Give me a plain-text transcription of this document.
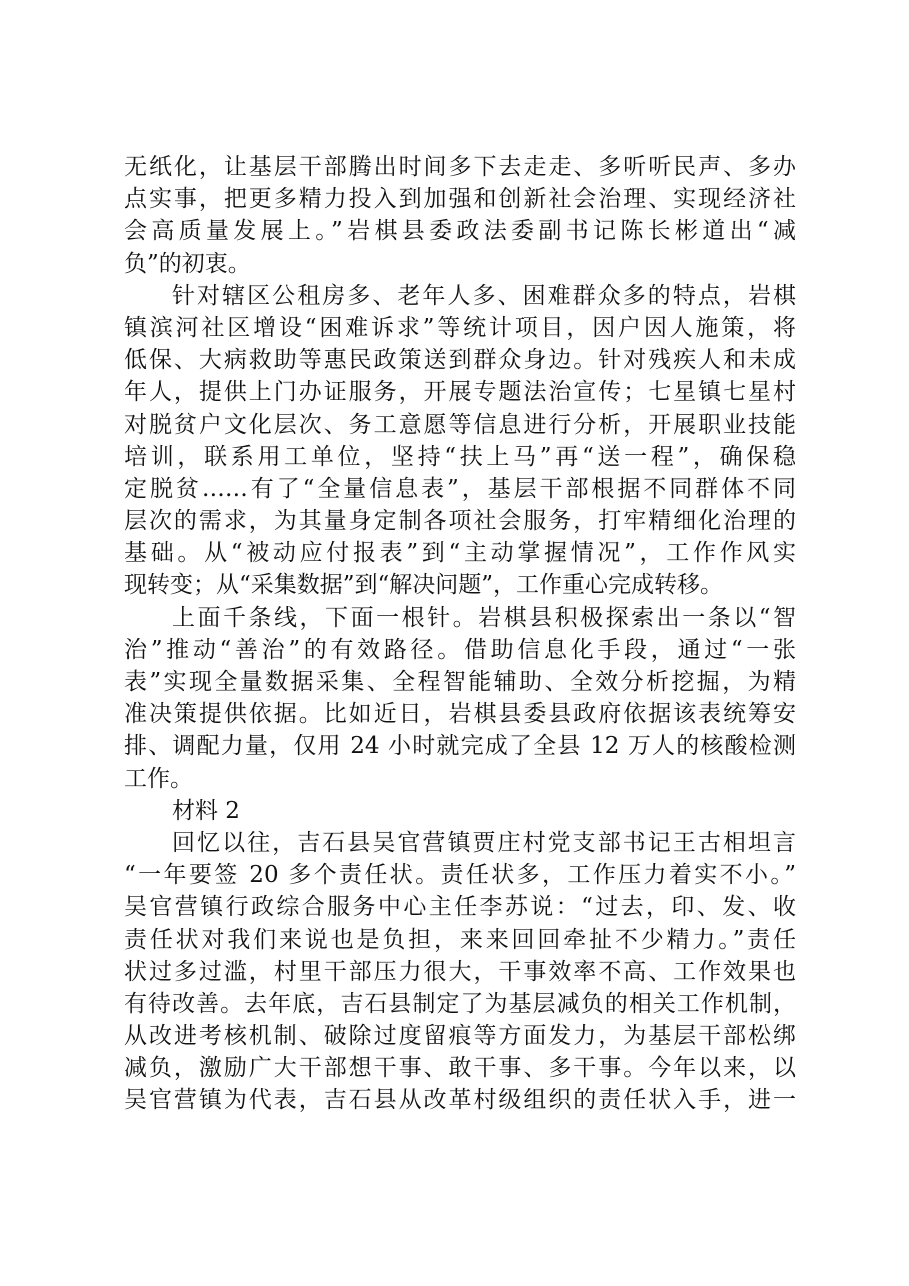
无纸化，让基层干部腾出时间多下去走走、多听听民声、多办
点实事，把更多精力投入到加强和创新社会治理、实现经济社
会高质量发展上。”岩棋县委政法委副书记陈长彬道出“减
负”的初衷。
针对辖区公租房多、老年人多、困难群众多的特点，岩棋
镇滨河社区增设“困难诉求”等统计项目，因户因人施策，将
低保、大病救助等惠民政策送到群众身边。针对残疾人和未成
年人，提供上门办证服务，开展专题法治宣传；七星镇七星村
对脱贫户文化层次、务工意愿等信息进行分析，开展职业技能
培训，联系用工单位，坚持“扶上马”再“送一程”，确保稳
定脱贫……有了“全量信息表”，基层干部根据不同群体不同
层次的需求，为其量身定制各项社会服务，打牢精细化治理的
基础。从“被动应付报表”到“主动掌握情况”，工作作风实
现转变；从“采集数据”到“解决问题”，工作重心完成转移。
上面千条线，下面一根针。岩棋县积极探索出一条以“智
治”推动“善治”的有效路径。借助信息化手段，通过“一张
表”实现全量数据采集、全程智能辅助、全效分析挖掘，为精
准决策提供依据。比如近日，岩棋县委县政府依据该表统筹安
排、调配力量，仅用 24 小时就完成了全县 12 万人的核酸检测
工作。
材料 2
回忆以往，吉石县吴官营镇贾庄村党支部书记王古相坦言
“一年要签 20 多个责任状。责任状多，工作压力着实不小。”
吴官营镇行政综合服务中心主任李苏说：“过去，印、发、收
责任状对我们来说也是负担，来来回回牵扯不少精力。”责任
状过多过滥，村里干部压力很大，干事效率不高、工作效果也
有待改善。去年底，吉石县制定了为基层减负的相关工作机制，
从改进考核机制、破除过度留痕等方面发力，为基层干部松绑
减负，激励广大干部想干事、敢干事、多干事。今年以来，以
吴官营镇为代表，吉石县从改革村级组织的责任状入手，进一
